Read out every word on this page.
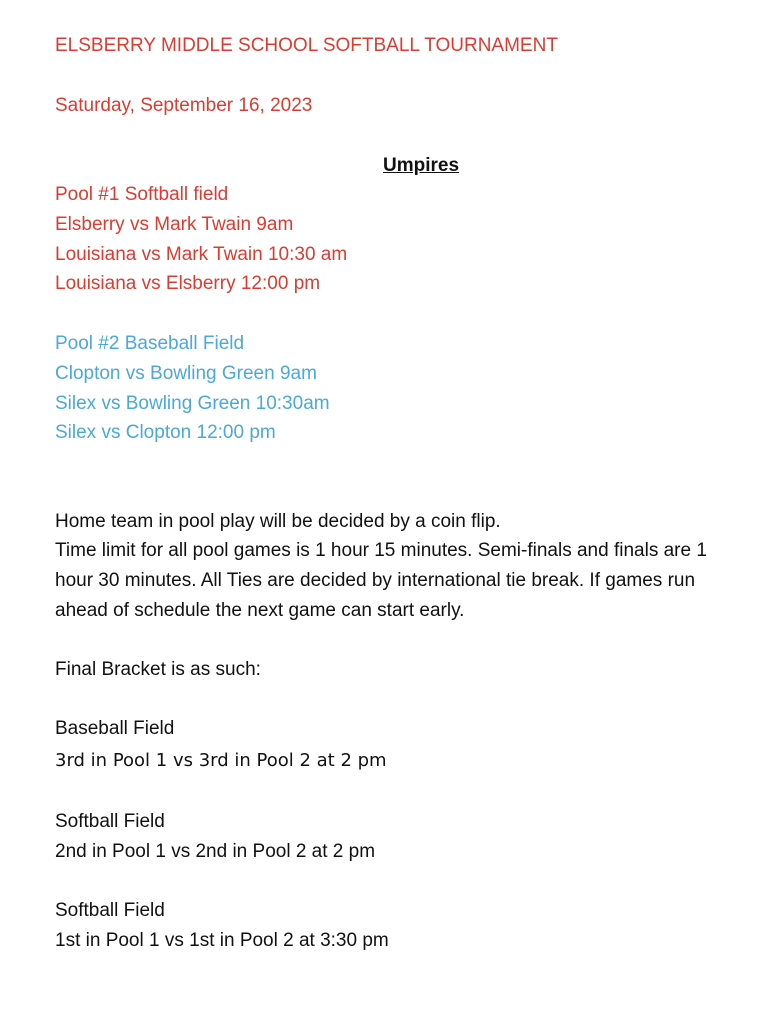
ELSBERRY MIDDLE SCHOOL SOFTBALL TOURNAMENT

Saturday, September 16, 2023

Umpires

Pool #1 Softball field

Elsberry vs Mark Twain 9am

Louisiana vs Mark Twain 10:30 am

Louisiana vs Elsberry 12:00 pm

Pool #2 Baseball Field

Clopton vs Bowling Green 9am

Silex vs Bowling Green 10:30am

Silex vs Clopton 12:00 pm

Home team in pool play will be decided by a coin flip.

Time limit for all pool games is 1 hour 15 minutes. Semi-finals and finals are 1 hour 30 minutes. All Ties are decided by international tie break. If games run ahead of schedule the next game can start early.

Final Bracket is as such:

Baseball Field

3rd in Pool 1 vs 3rd in Pool 2 at 2 pm

Softball Field

2nd in Pool 1 vs 2nd in Pool 2 at 2 pm

Softball Field

1st in Pool 1 vs 1st in Pool 2 at 3:30 pm
